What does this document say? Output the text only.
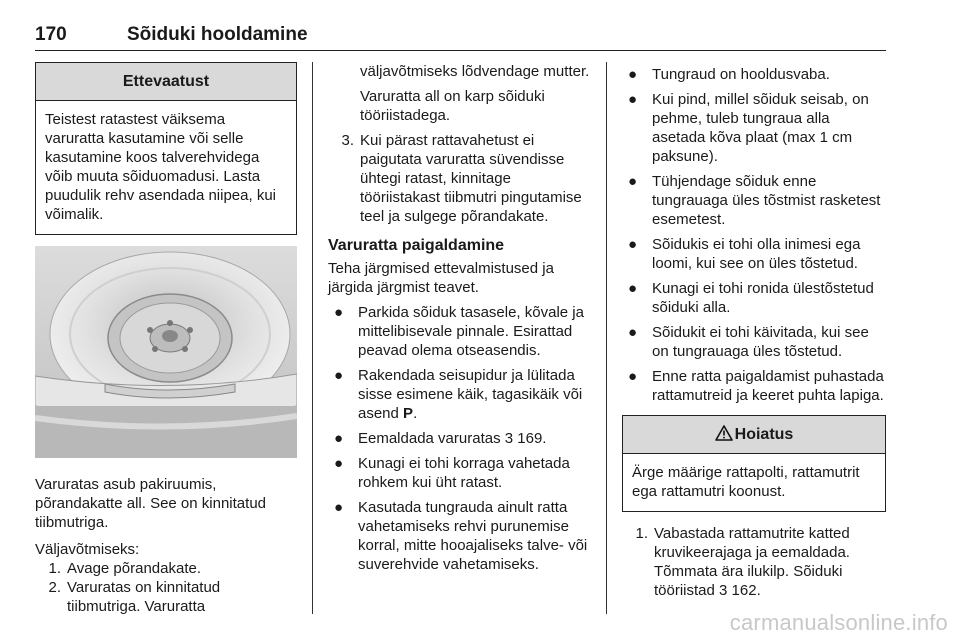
170	Sõiduki hooldamine
Ettevaatust
Teistest ratastest väiksema varuratta kasutamine või selle kasutamine koos talverehvidega võib muuta sõiduomadusi. Lasta puudulik rehv asendada niipea, kui võimalik.

Varuratas asub pakiruumis, põrandakatte all. See on kinnitatud tiibmutriga.

Väljavõtmiseks:

1. Avage põrandakate.
2. Varuratas on kinnitatud tiibmutriga. Varuratta

väljavõtmiseks lõdvendage mutter.

Varuratta all on karp sõiduki tööriistadega.

3. Kui pärast rattavahetust ei paigutata varuratta süvendisse ühtegi ratast, kinnitage tööriistakast tiibmutri pingutamise teel ja sulgege põrandakate.
Varuratta paigaldamine

Teha järgmised ettevalmistused ja järgida järgmist teavet.

● Parkida sõiduk tasasele, kõvale ja mittelibisevale pinnale. Esirattad peavad olema otseasendis.
● Rakendada seisupidur ja lülitada sisse esimene käik, tagasikäik või asend P.
● Eemaldada varuratas 3 169.
● Kunagi ei tohi korraga vahetada rohkem kui üht ratast.
● Kasutada tungrauda ainult ratta vahetamiseks rehvi purunemise korral, mitte hooajaliseks talve- või suverehvide vahetamiseks.
● Tungraud on hooldusvaba.
● Kui pind, millel sõiduk seisab, on pehme, tuleb tungraua alla asetada kõva plaat (max 1 cm paksune).
● Tühjendage sõiduk enne tungrauaga üles tõstmist rasketest esemetest.
● Sõidukis ei tohi olla inimesi ega loomi, kui see on üles tõstetud.
● Kunagi ei tohi ronida ülestõstetud sõiduki alla.
● Sõidukit ei tohi käivitada, kui see on tungrauaga üles tõstetud.
● Enne ratta paigaldamist puhastada rattamutreid ja keeret puhta lapiga.
Hoiatus
Ärge määrige rattapolti, rattamutrit ega rattamutri koonust.
1. Vabastada rattamutrite katted kruvikeerajaga ja eemaldada. Tõmmata ära ilukilp. Sõiduki tööriistad 3 162.
carmanualsonline.info
